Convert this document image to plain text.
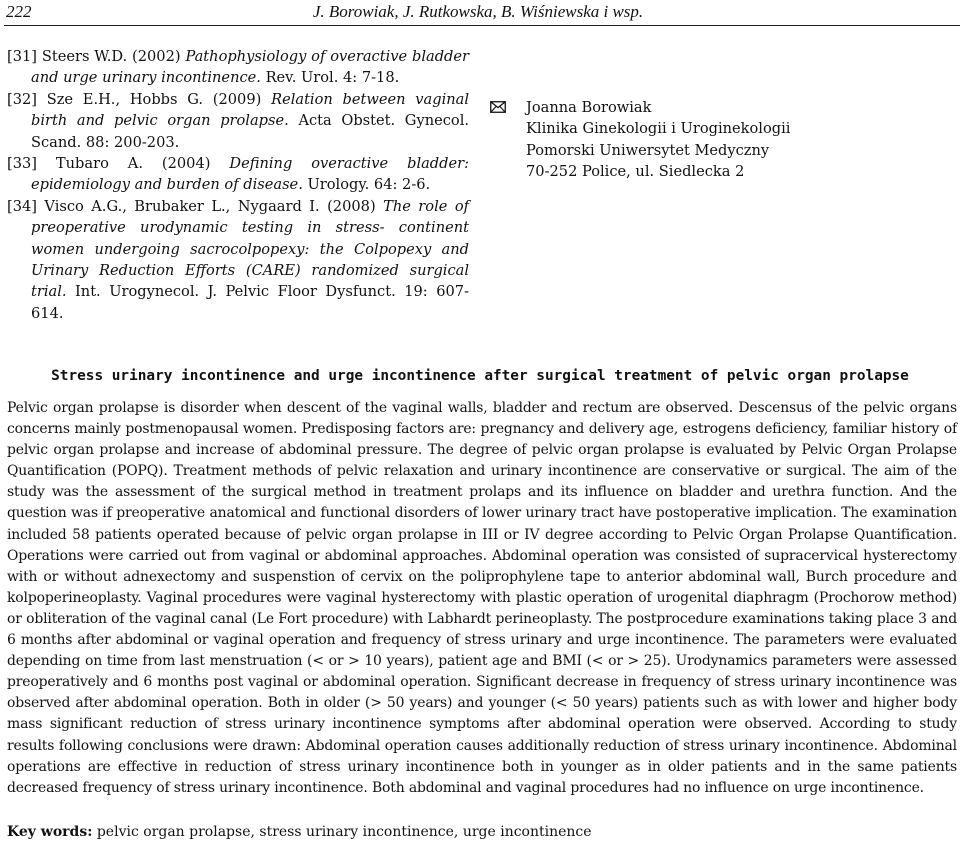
222	J. Borowiak, J. Rutkowska, B. Wiśniewska i wsp.
[31] Steers W.D. (2002) Pathophysiology of overactive bladder and urge urinary incontinence. Rev. Urol. 4: 7-18.
[32] Sze E.H., Hobbs G. (2009) Relation between vaginal birth and pelvic organ prolapse. Acta Obstet. Gynecol. Scand. 88: 200-203.
[33] Tubaro A. (2004) Defining overactive bladder: epidemiology and burden of disease. Urology. 64: 2-6.
[34] Visco A.G., Brubaker L., Nygaard I. (2008) The role of preoperative urodynamic testing in stress- continent women undergoing sacrocolpopexy: the Colpopexy and Urinary Reduction Efforts (CARE) randomized surgical trial. Int. Urogynecol. J. Pelvic Floor Dysfunct. 19: 607-614.
Joanna Borowiak
Klinika Ginekologii i Uroginekologii
Pomorski Uniwersytet Medyczny
70-252 Police, ul. Siedlecka 2
Stress urinary incontinence and urge incontinence after surgical treatment of pelvic organ prolapse

Pelvic organ prolapse is disorder when descent of the vaginal walls, bladder and rectum are observed. Descensus of the pelvic organs concerns mainly postmenopausal women. Predisposing factors are: pregnancy and delivery age, estrogens deficiency, familiar history of pelvic organ prolapse and increase of abdominal pressure. The degree of pelvic organ prolapse is evaluated by Pelvic Organ Prolapse Quantification (POPQ). Treatment methods of pelvic relaxation and urinary incontinence are conservative or surgical. The aim of the study was the assessment of the surgical method in treatment prolaps and its influence on bladder and urethra function. And the question was if preoperative anatomical and functional disorders of lower urinary tract have postoperative implication. The examination included 58 patients operated because of pelvic organ prolapse in III or IV degree according to Pelvic Organ Prolapse Quantification. Operations were carried out from vaginal or abdominal approaches. Abdominal operation was consisted of supracervical hysterectomy with or without adnexectomy and suspenstion of cervix on the poliprophylene tape to anterior abdominal wall, Burch procedure and kolpoperineoplasty. Vaginal procedures were vaginal hysterectomy with plastic operation of urogenital diaphragm (Prochorow method) or obliteration of the vaginal canal (Le Fort procedure) with Labhardt perineoplasty. The postprocedure examinations taking place 3 and 6 months after abdominal or vaginal operation and frequency of stress urinary and urge incontinence. The parameters were evaluated depending on time from last menstruation (< or > 10 years), patient age and BMI (< or > 25). Urodynamics parameters were assessed preoperatively and 6 months post vaginal or abdominal operation. Significant decrease in frequency of stress urinary incontinence was observed after abdominal operation. Both in older (> 50 years) and younger (< 50 years) patients such as with lower and higher body mass significant reduction of stress urinary incontinence symptoms after abdominal operation were observed. According to study results following conclusions were drawn: Abdominal operation causes additionally reduction of stress urinary incontinence. Abdominal operations are effective in reduction of stress urinary incontinence both in younger as in older patients and in the same patients decreased frequency of stress urinary incontinence. Both abdominal and vaginal procedures had no influence on urge incontinence.

Key words: pelvic organ prolapse, stress urinary incontinence, urge incontinence
